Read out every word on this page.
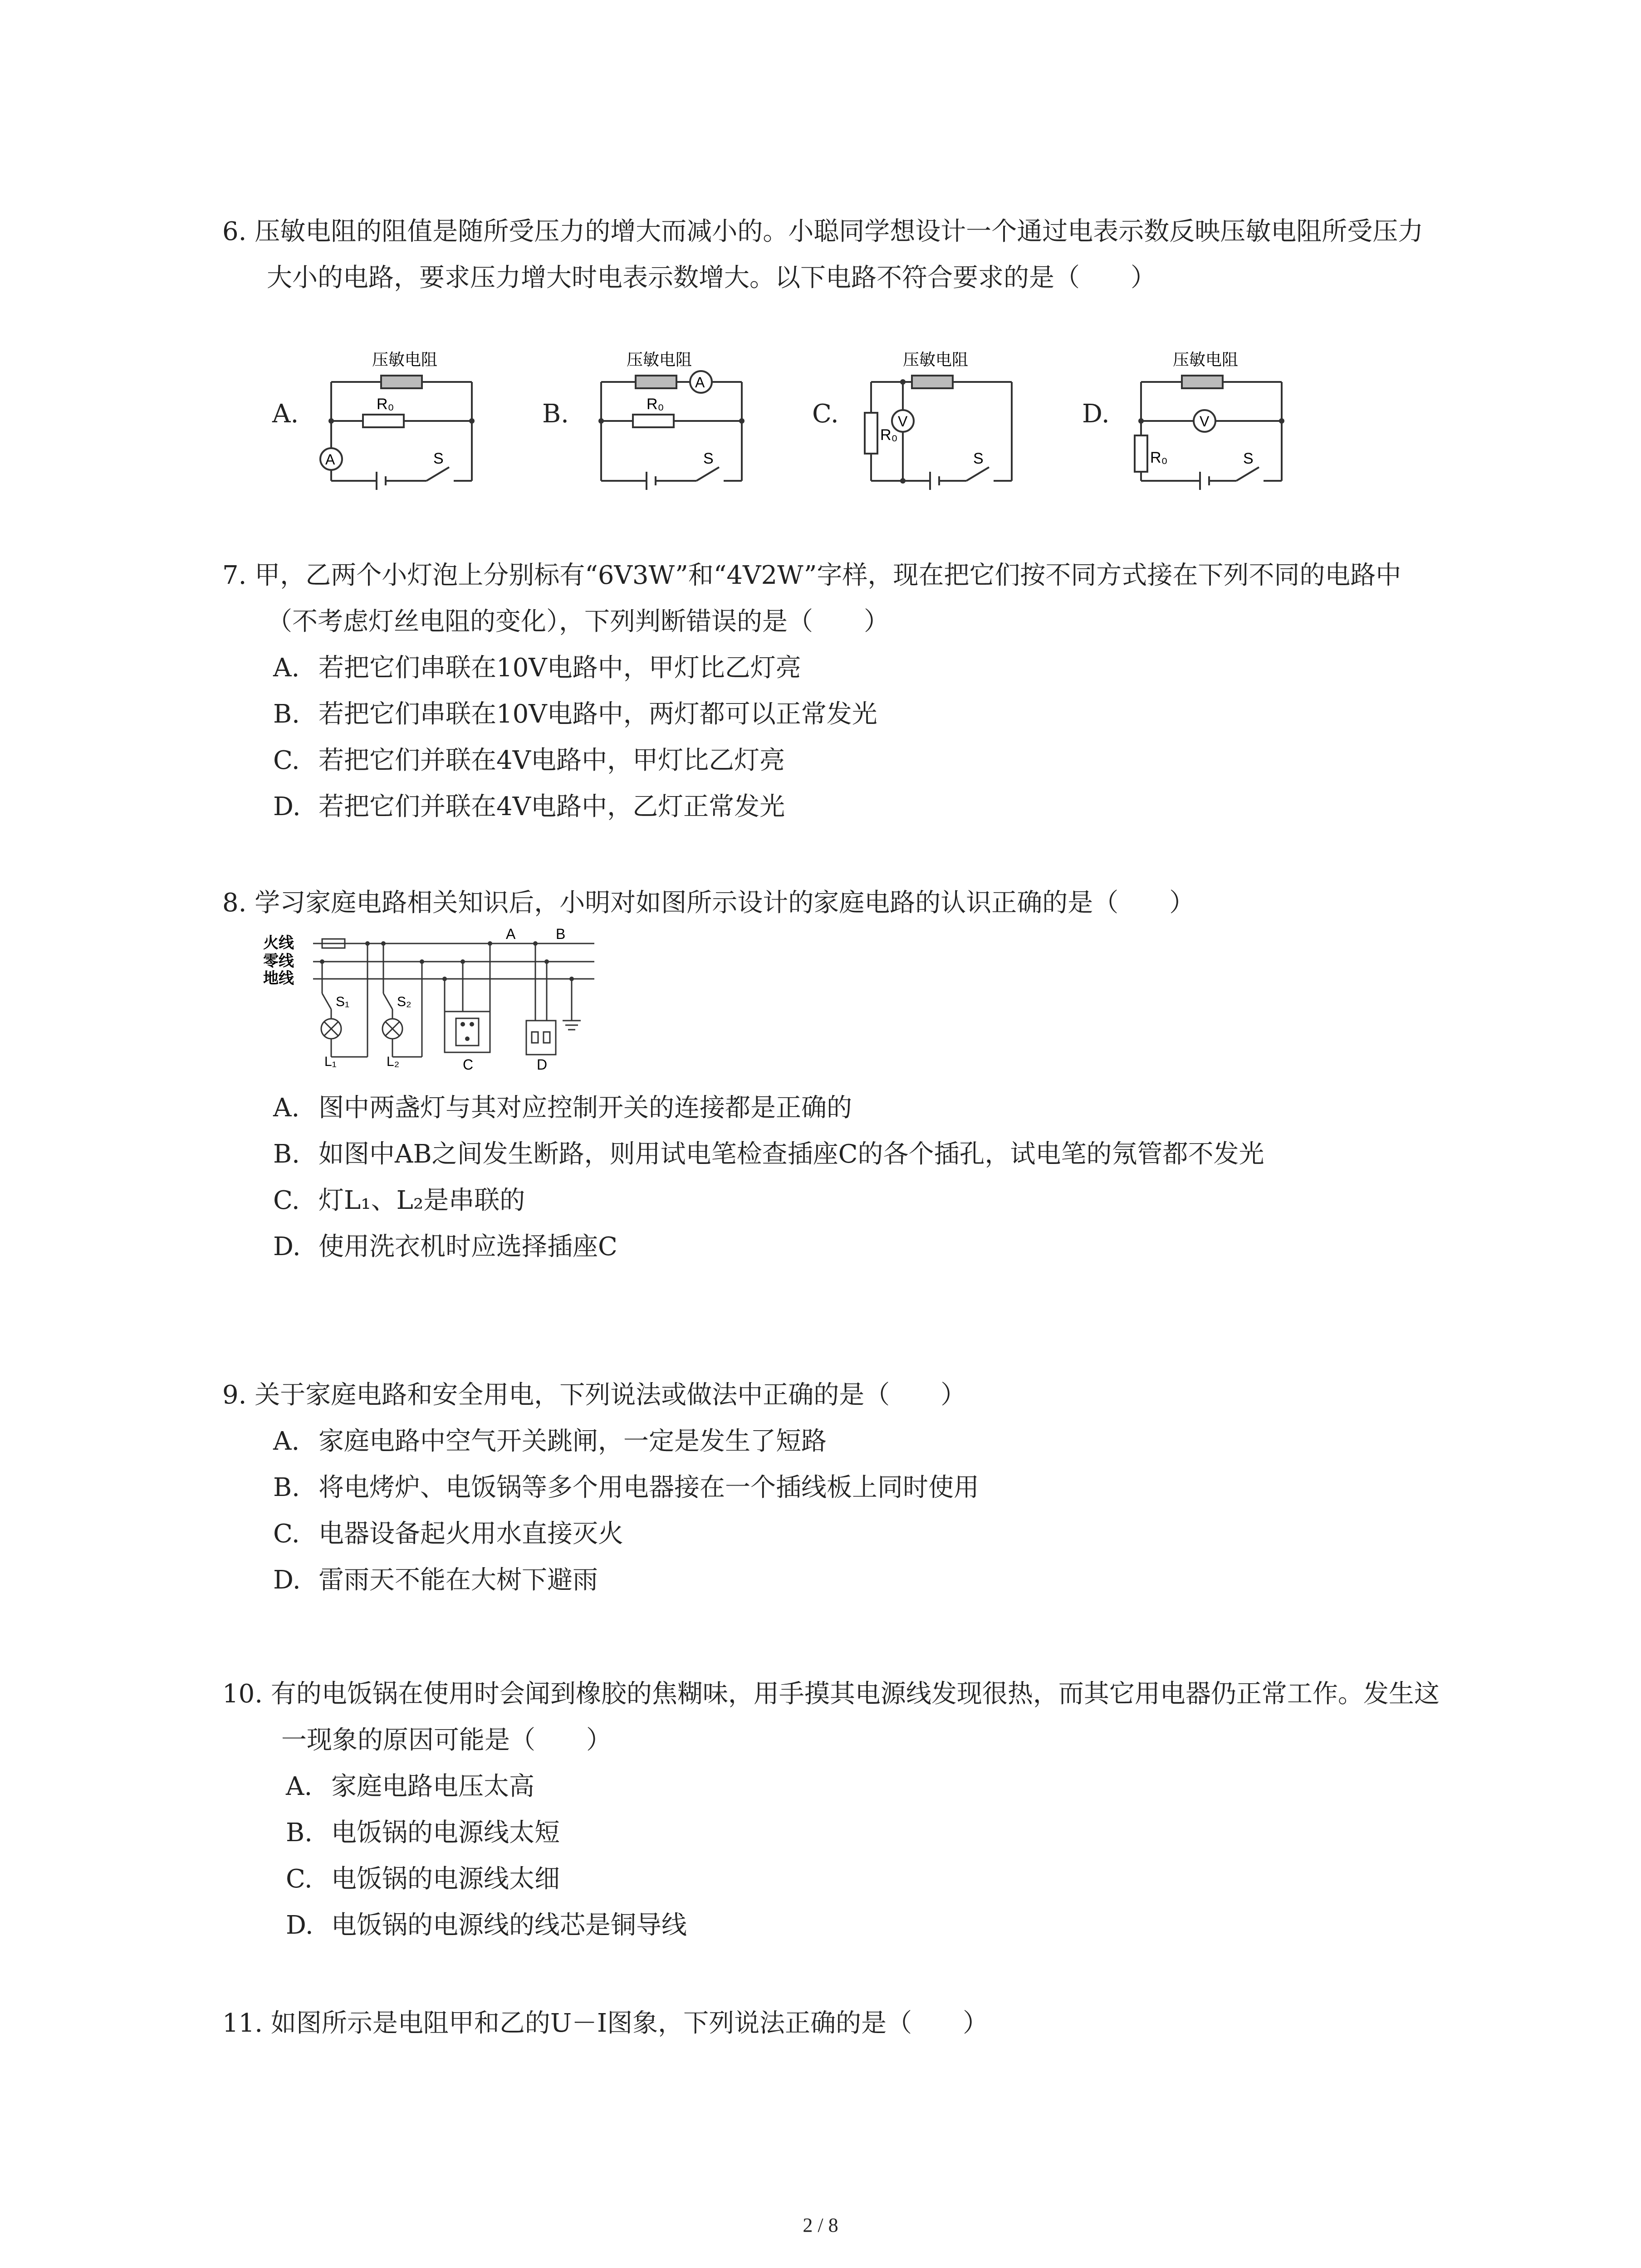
6. 压敏电阻的阻值是随所受压力的增大而减小的。小聪同学想设计一个通过电表示数反映压敏电阻所受压力大小的电路，要求压力增大时电表示数增大。以下电路不符合要求的是（　　）

A.	B.	C.	D.
压敏电阻
R₀
A	S
压敏电阻
R₀
A
S
压敏电阻
R₀
V
S
压敏电阻
R₀
V
S

7. 甲，乙两个小灯泡上分别标有“6V3W”和“4V2W”字样，现在把它们按不同方式接在下列不同的电路中（不考虑灯丝电阻的变化），下列判断错误的是（　　）

A. 若把它们串联在10V电路中，甲灯比乙灯亮

B. 若把它们串联在10V电路中，两灯都可以正常发光

C. 若把它们并联在4V电路中，甲灯比乙灯亮

D. 若把它们并联在4V电路中，乙灯正常发光

8. 学习家庭电路相关知识后，小明对如图所示设计的家庭电路的认识正确的是（　　）

火线
零线
地线
A	B
S₁	S₂
L₁	L₂	C	D

A. 图中两盏灯与其对应控制开关的连接都是正确的

B. 如图中AB之间发生断路，则用试电笔检查插座C的各个插孔，试电笔的氖管都不发光

C. 灯L₁、L₂是串联的

D. 使用洗衣机时应选择插座C

9. 关于家庭电路和安全用电，下列说法或做法中正确的是（　　）

A. 家庭电路中空气开关跳闸，一定是发生了短路

B. 将电烤炉、电饭锅等多个用电器接在一个插线板上同时使用

C. 电器设备起火用水直接灭火

D. 雷雨天不能在大树下避雨

10. 有的电饭锅在使用时会闻到橡胶的焦糊味，用手摸其电源线发现很热，而其它用电器仍正常工作。发生这一现象的原因可能是（　　）

A. 家庭电路电压太高

B. 电饭锅的电源线太短

C. 电饭锅的电源线太细

D. 电饭锅的电源线的线芯是铜导线

11. 如图所示是电阻甲和乙的U－I图象，下列说法正确的是（　　）

2 / 8
